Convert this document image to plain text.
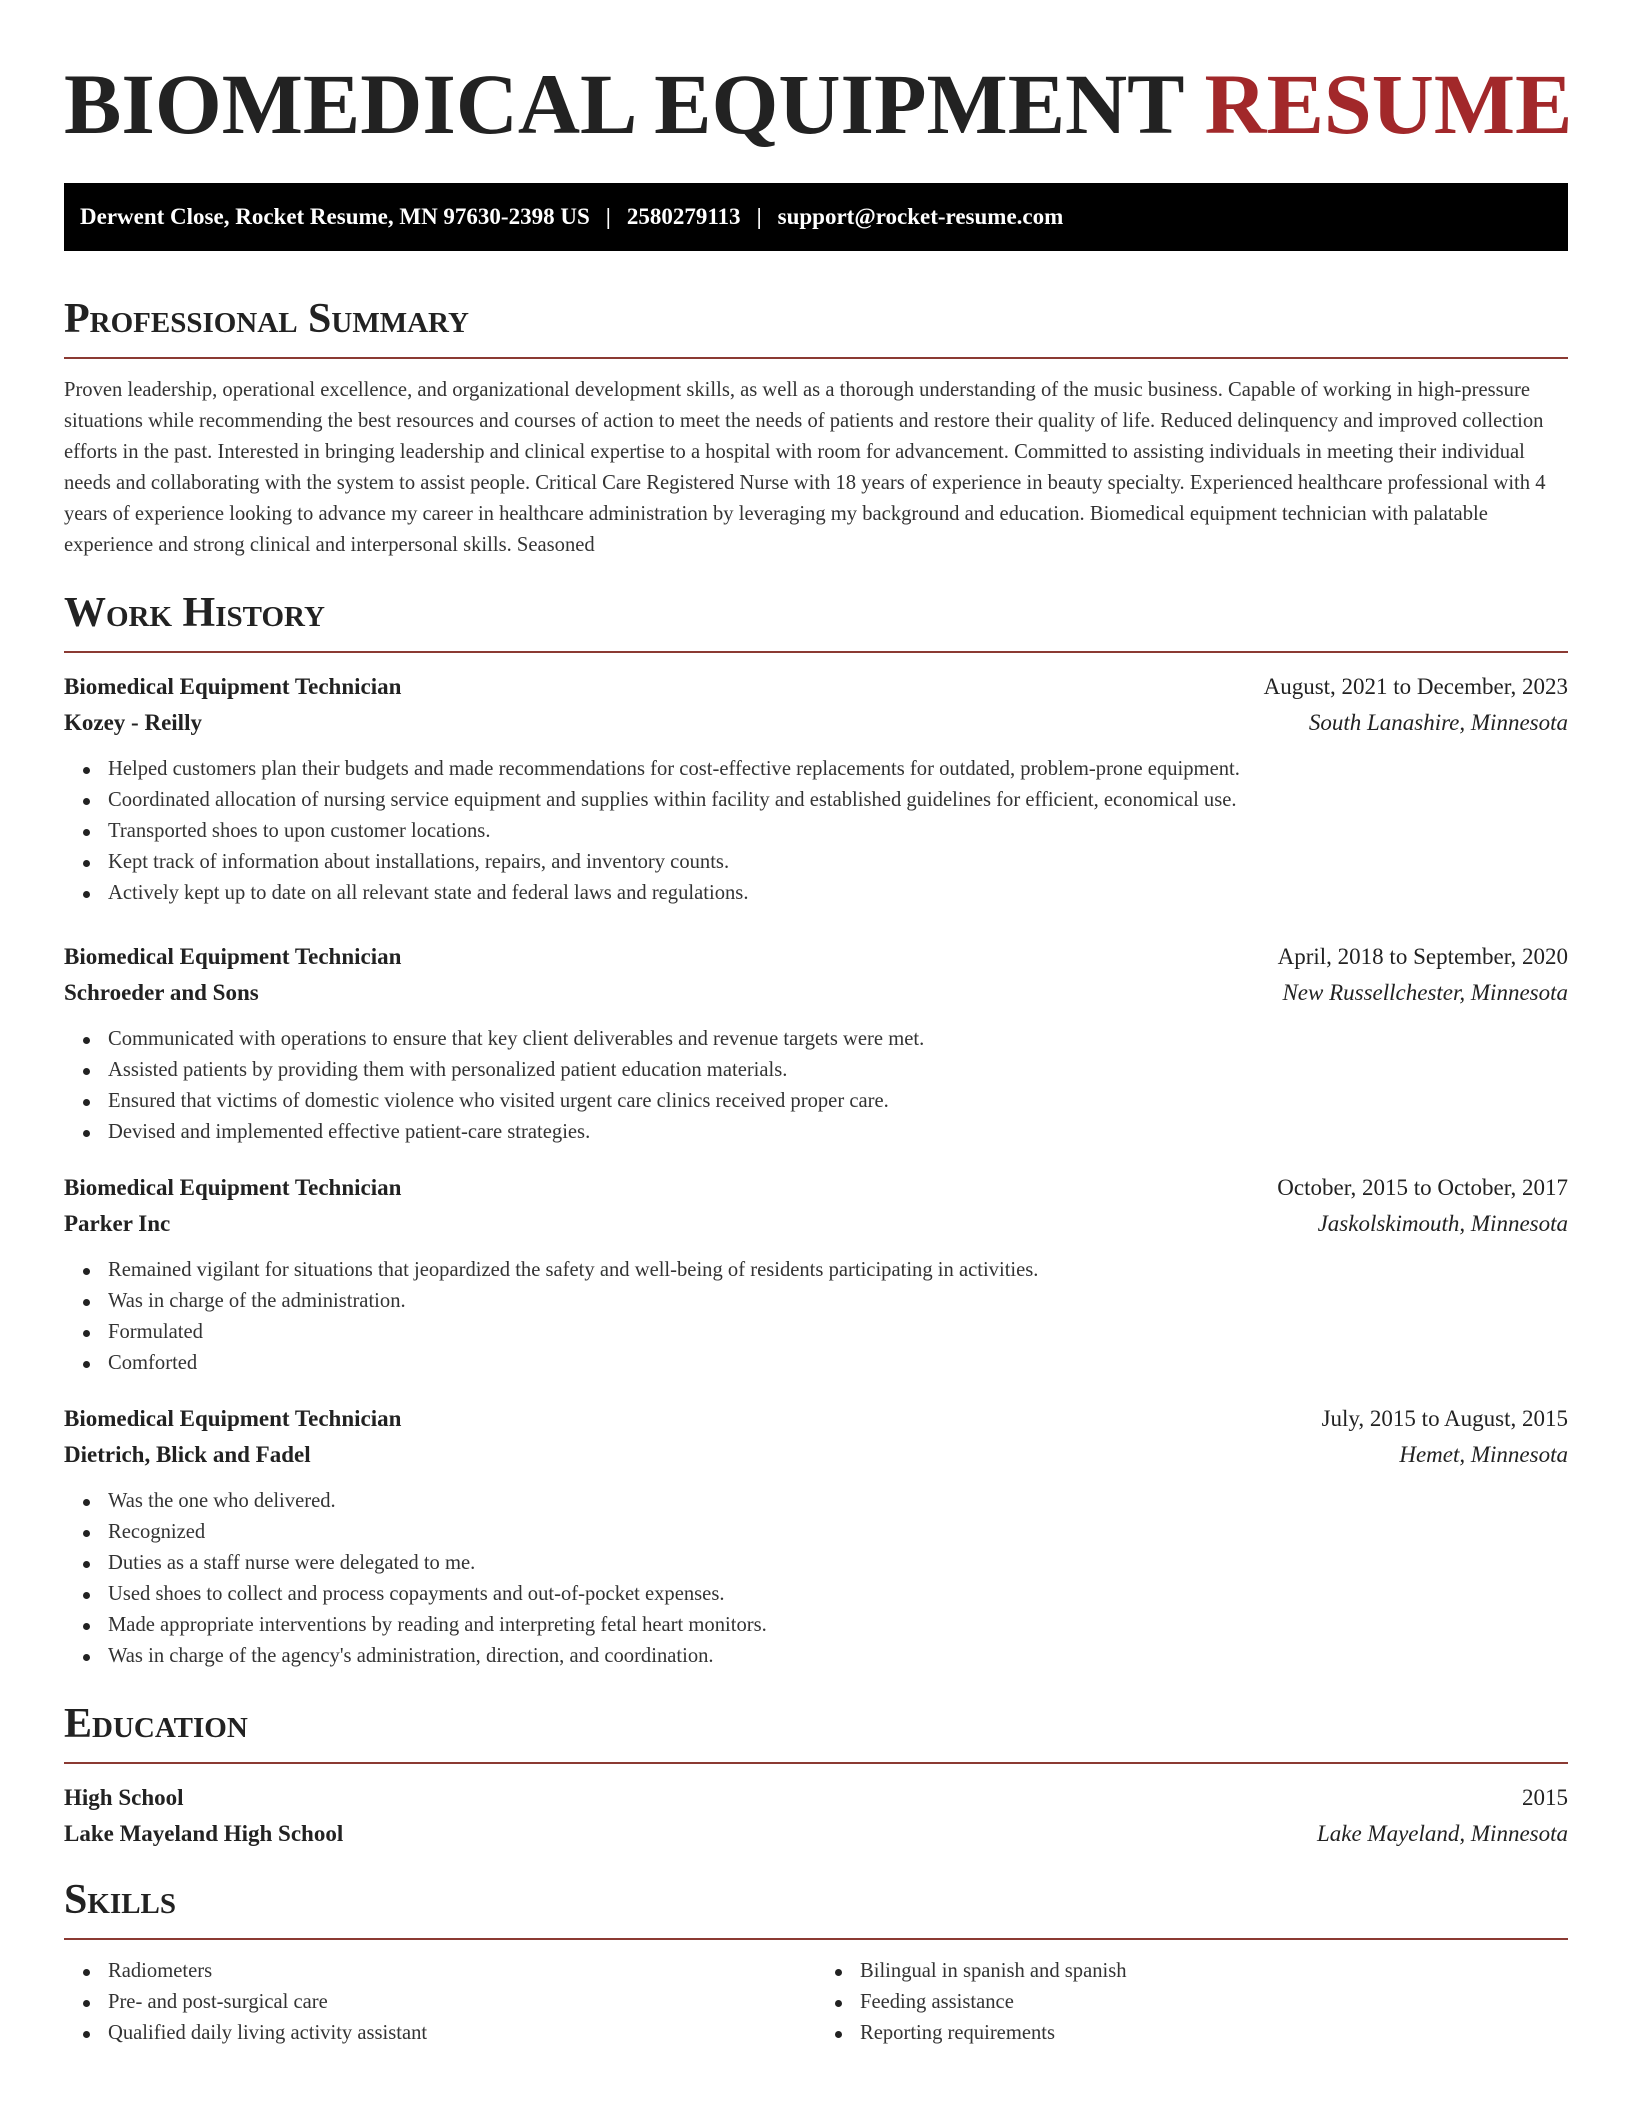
BIOMEDICAL EQUIPMENT RESUME
Derwent Close, Rocket Resume, MN 97630-2398 US | 2580279113 | support@rocket-resume.com
Professional Summary

Proven leadership, operational excellence, and organizational development skills, as well as a thorough understanding of the music business. Capable of working in high-pressure situations while recommending the best resources and courses of action to meet the needs of patients and restore their quality of life. Reduced delinquency and improved collection efforts in the past. Interested in bringing leadership and clinical expertise to a hospital with room for advancement. Committed to assisting individuals in meeting their individual needs and collaborating with the system to assist people. Critical Care Registered Nurse with 18 years of experience in beauty specialty. Experienced healthcare professional with 4 years of experience looking to advance my career in healthcare administration by leveraging my background and education. Biomedical equipment technician with palatable experience and strong clinical and interpersonal skills. Seasoned

Work History
Biomedical Equipment Technician	August, 2021 to December, 2023
Kozey - Reilly	South Lanashire, Minnesota
Helped customers plan their budgets and made recommendations for cost-effective replacements for outdated, problem-prone equipment.
Coordinated allocation of nursing service equipment and supplies within facility and established guidelines for efficient, economical use.
Transported shoes to upon customer locations.
Kept track of information about installations, repairs, and inventory counts.
Actively kept up to date on all relevant state and federal laws and regulations.
Biomedical Equipment Technician	April, 2018 to September, 2020
Schroeder and Sons	New Russellchester, Minnesota
Communicated with operations to ensure that key client deliverables and revenue targets were met.
Assisted patients by providing them with personalized patient education materials.
Ensured that victims of domestic violence who visited urgent care clinics received proper care.
Devised and implemented effective patient-care strategies.
Biomedical Equipment Technician	October, 2015 to October, 2017
Parker Inc	Jaskolskimouth, Minnesota
Remained vigilant for situations that jeopardized the safety and well-being of residents participating in activities.
Was in charge of the administration.
Formulated
Comforted
Biomedical Equipment Technician	July, 2015 to August, 2015
Dietrich, Blick and Fadel	Hemet, Minnesota
Was the one who delivered.
Recognized
Duties as a staff nurse were delegated to me.
Used shoes to collect and process copayments and out-of-pocket expenses.
Made appropriate interventions by reading and interpreting fetal heart monitors.
Was in charge of the agency's administration, direction, and coordination.
Education
High School	2015
Lake Mayeland High School	Lake Mayeland, Minnesota
Skills
Radiometers
Pre- and post-surgical care
Qualified daily living activity assistant
Bilingual in spanish and spanish
Feeding assistance
Reporting requirements
